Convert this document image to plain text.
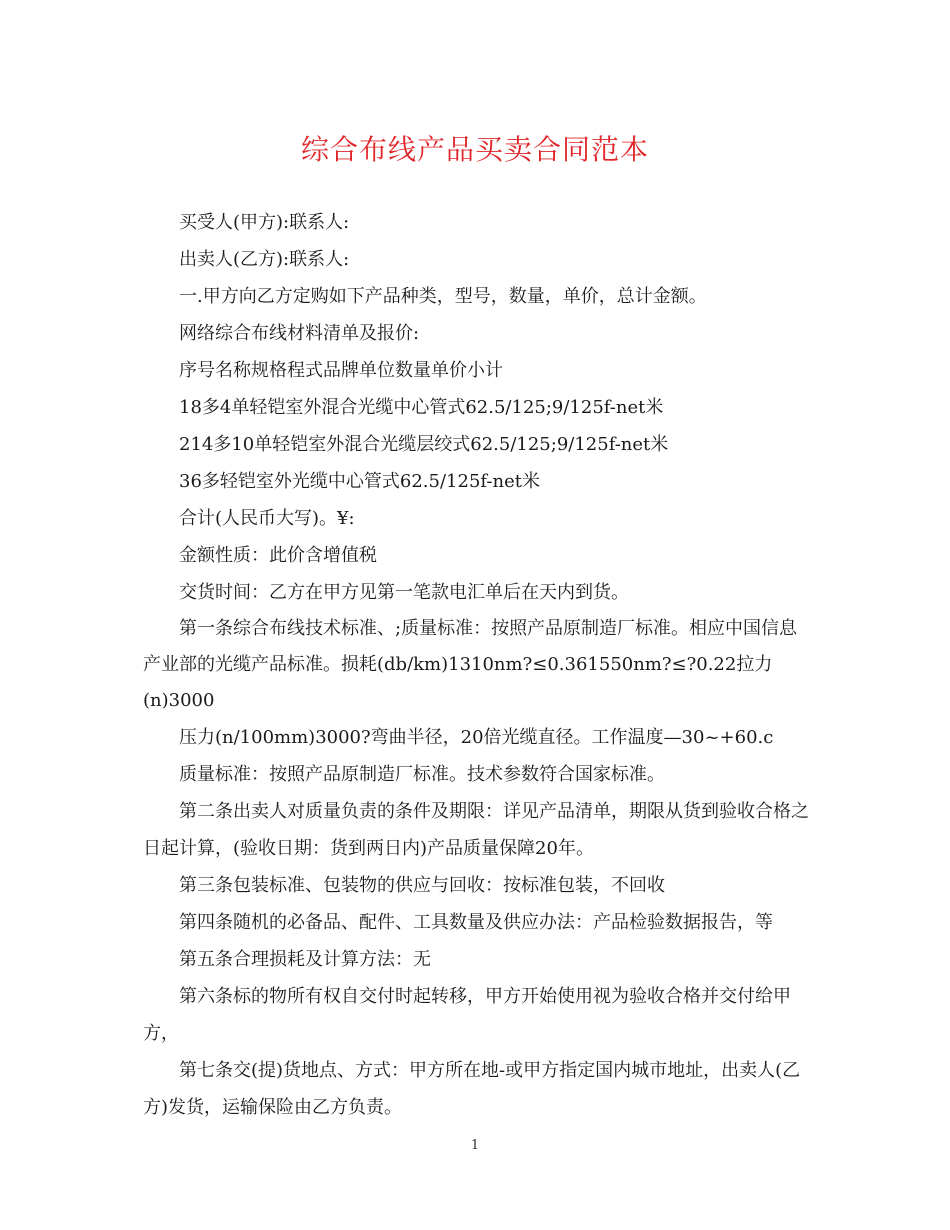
综合布线产品买卖合同范本

买受人(甲方):联系人:

出卖人(乙方):联系人:

一.甲方向乙方定购如下产品种类，型号，数量，单价，总计金额。

网络综合布线材料清单及报价:

序号名称规格程式品牌单位数量单价小计

18多4单轻铠室外混合光缆中心管式62.5/125;9/125f-net米

214多10单轻铠室外混合光缆层绞式62.5/125;9/125f-net米

36多轻铠室外光缆中心管式62.5/125f-net米

合计(人民币大写)。¥:

金额性质：此价含增值税

交货时间：乙方在甲方见第一笔款电汇单后在天内到货。

第一条综合布线技术标准、;质量标准：按照产品原制造厂标准。相应中国信息产业部的光缆产品标准。损耗(db/km)1310nm?≤0.361550nm?≤?0.22拉力(n)3000

压力(n/100mm)3000?弯曲半径，20倍光缆直径。工作温度—30~+60.c

质量标准：按照产品原制造厂标准。技术参数符合国家标准。

第二条出卖人对质量负责的条件及期限：详见产品清单，期限从货到验收合格之日起计算，(验收日期：货到两日内)产品质量保障20年。

第三条包装标准、包装物的供应与回收：按标准包装，不回收

第四条随机的必备品、配件、工具数量及供应办法：产品检验数据报告，等

第五条合理损耗及计算方法：无

第六条标的物所有权自交付时起转移，甲方开始使用视为验收合格并交付给甲方，

第七条交(提)货地点、方式：甲方所在地-或甲方指定国内城市地址，出卖人(乙方)发货，运输保险由乙方负责。

1
